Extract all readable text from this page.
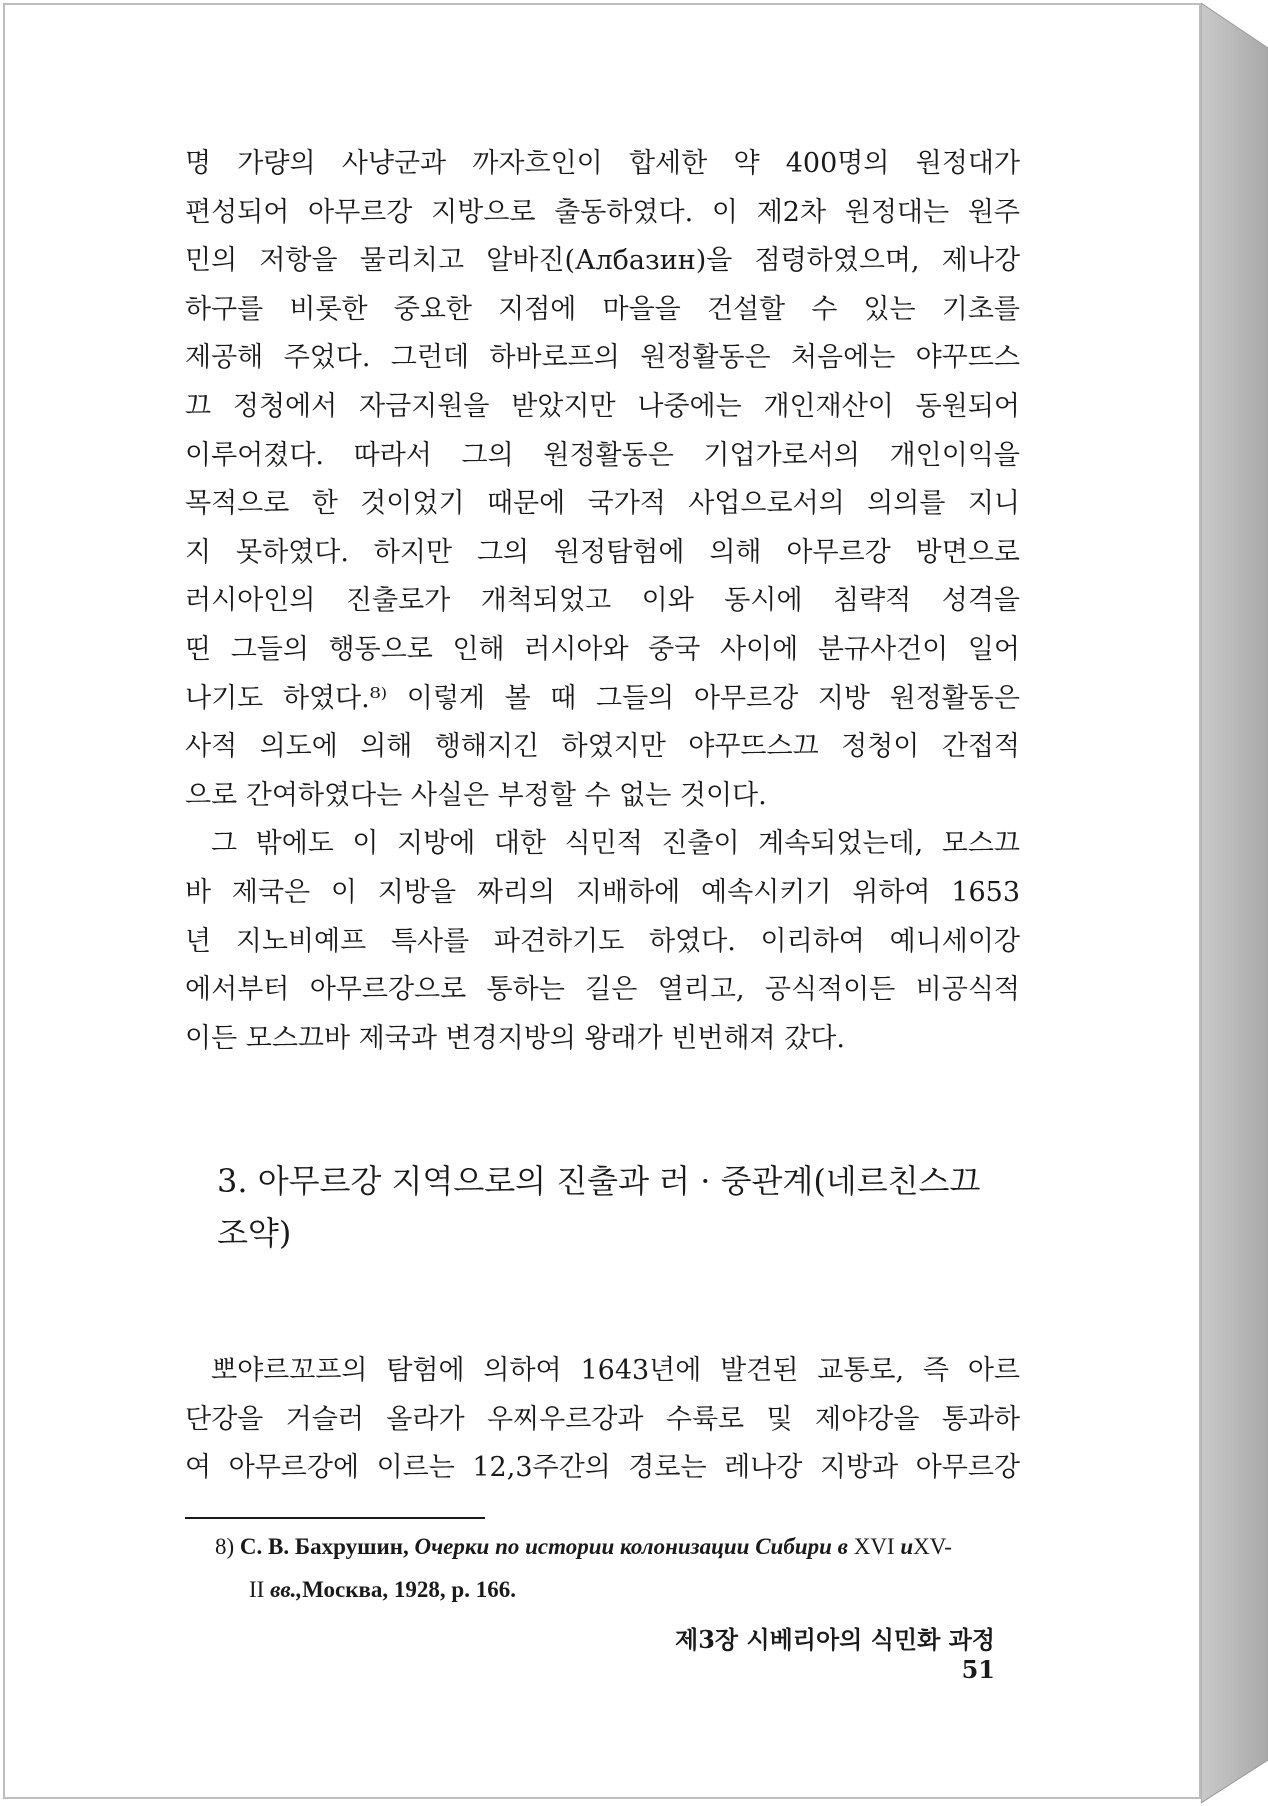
명 가량의 사냥군과 까자흐인이 합세한 약 400명의 원정대가
편성되어 아무르강 지방으로 출동하였다. 이 제2차 원정대는 원주
민의 저항을 물리치고 알바진(Албазин)을 점령하였으며, 제나강
하구를 비롯한 중요한 지점에 마을을 건설할 수 있는 기초를
제공해 주었다. 그런데 하바로프의 원정활동은 처음에는 야꾸뜨스
끄 정청에서 자금지원을 받았지만 나중에는 개인재산이 동원되어
이루어졌다. 따라서 그의 원정활동은 기업가로서의 개인이익을
목적으로 한 것이었기 때문에 국가적 사업으로서의 의의를 지니
지 못하였다. 하지만 그의 원정탐험에 의해 아무르강 방면으로
러시아인의 진출로가 개척되었고 이와 동시에 침략적 성격을
띤 그들의 행동으로 인해 러시아와 중국 사이에 분규사건이 일어
나기도 하였다.⁸⁾ 이렇게 볼 때 그들의 아무르강 지방 원정활동은
사적 의도에 의해 행해지긴 하였지만 야꾸뜨스끄 정청이 간접적
으로 간여하였다는 사실은 부정할 수 없는 것이다.

그 밖에도 이 지방에 대한 식민적 진출이 계속되었는데, 모스끄
바 제국은 이 지방을 짜리의 지배하에 예속시키기 위하여 1653
년 지노비예프 특사를 파견하기도 하였다. 이리하여 예니세이강
에서부터 아무르강으로 통하는 길은 열리고, 공식적이든 비공식적
이든 모스끄바 제국과 변경지방의 왕래가 빈번해져 갔다.

3. 아무르강 지역으로의 진출과 러 · 중관계(네르친스끄
조약)

뽀야르꼬프의 탐험에 의하여 1643년에 발견된 교통로, 즉 아르
단강을 거슬러 올라가 우찌우르강과 수륙로 및 제야강을 통과하
여 아무르강에 이르는 12,3주간의 경로는 레나강 지방과 아무르강

8) С. В. Бахрушин, Очерки по истории колонизации Сибири в XVI иXV-
II вв.,Москва, 1928, p. 166.
제3장 시베리아의 식민화 과정 51
